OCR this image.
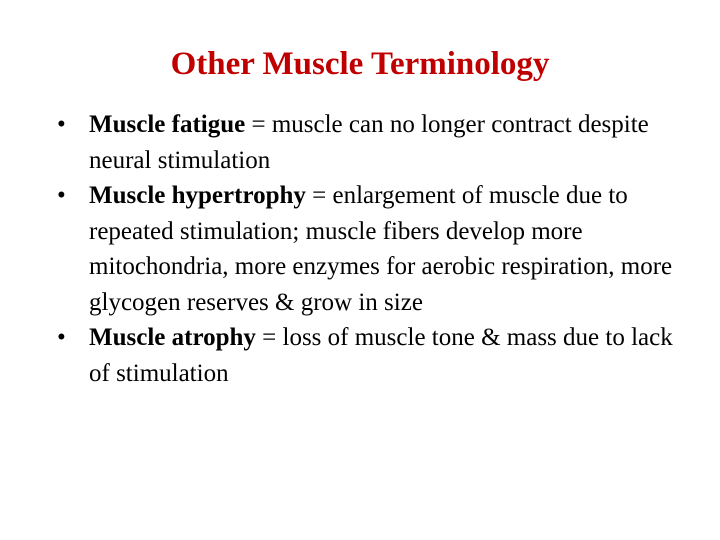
Other Muscle Terminology
• Muscle fatigue = muscle can no longer contract despite neural stimulation
• Muscle hypertrophy = enlargement of muscle due to repeated stimulation; muscle fibers develop more mitochondria, more enzymes for aerobic respiration, more glycogen reserves & grow in size
• Muscle atrophy = loss of muscle tone & mass due to lack of stimulation
